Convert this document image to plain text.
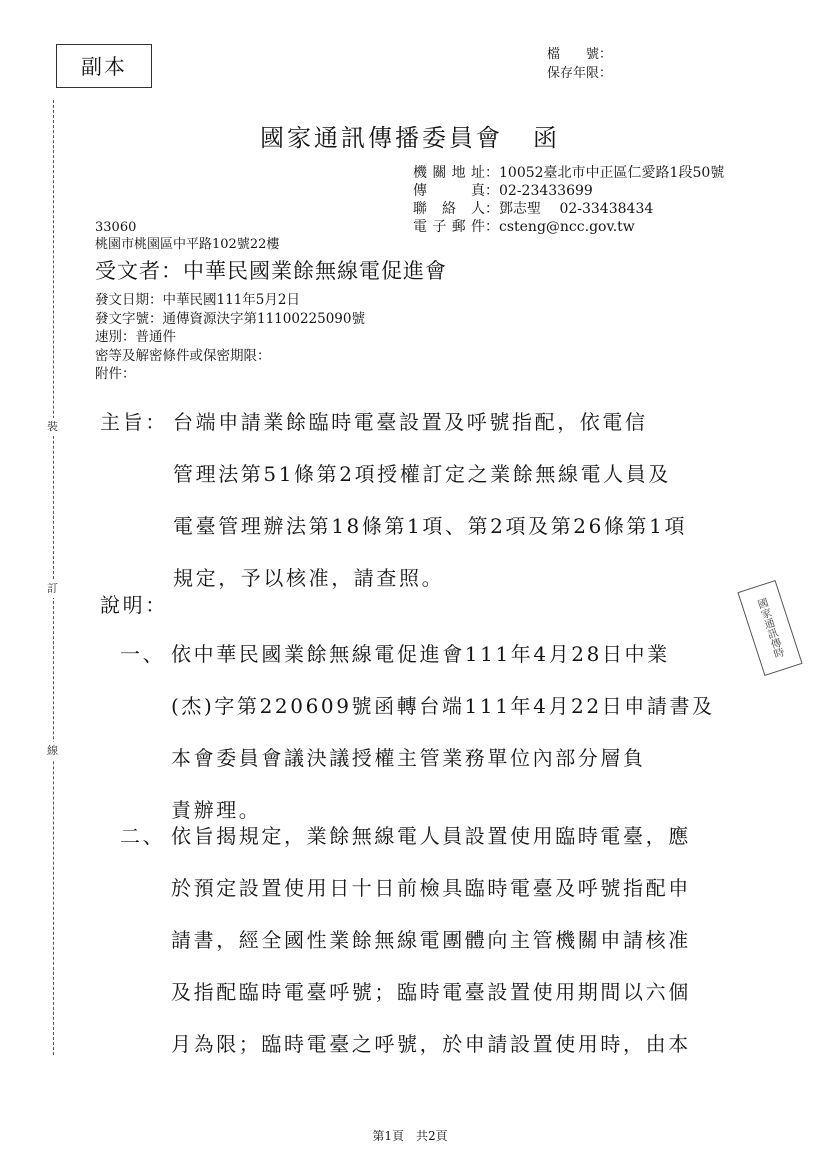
副本
檔　　號：
保存年限：
裝
訂
線
國家通訊傳播委員會 函
機關地址：10052臺北市中正區仁愛路1段50號
傳　　真：02-23433699
聯 絡 人：鄧志聖　 02-33438434
電子郵件：csteng@ncc.gov.tw
33060
桃園市桃園區中平路102號22樓
受文者：中華民國業餘無線電促進會
發文日期：中華民國111年5月2日
發文字號：通傳資源決字第11100225090號
速別：普通件
密等及解密條件或保密期限：
附件：
主旨： 台端申請業餘臨時電臺設置及呼號指配，依電信
管理法第51條第2項授權訂定之業餘無線電人員及
電臺管理辦法第18條第1項、第2項及第26條第1項
規定，予以核准，請查照。
說明：
一、 依中華民國業餘無線電促進會111年4月28日中業
(杰)字第220609號函轉台端111年4月22日申請書及
本會委員會議決議授權主管業務單位內部分層負
責辦理。
二、 依旨揭規定，業餘無線電人員設置使用臨時電臺，應
於預定設置使用日十日前檢具臨時電臺及呼號指配申
請書，經全國性業餘無線電團體向主管機關申請核准
及指配臨時電臺呼號；臨時電臺設置使用期間以六個
月為限；臨時電臺之呼號，於申請設置使用時，由本
國家通訊傳
時
第1頁　共2頁
